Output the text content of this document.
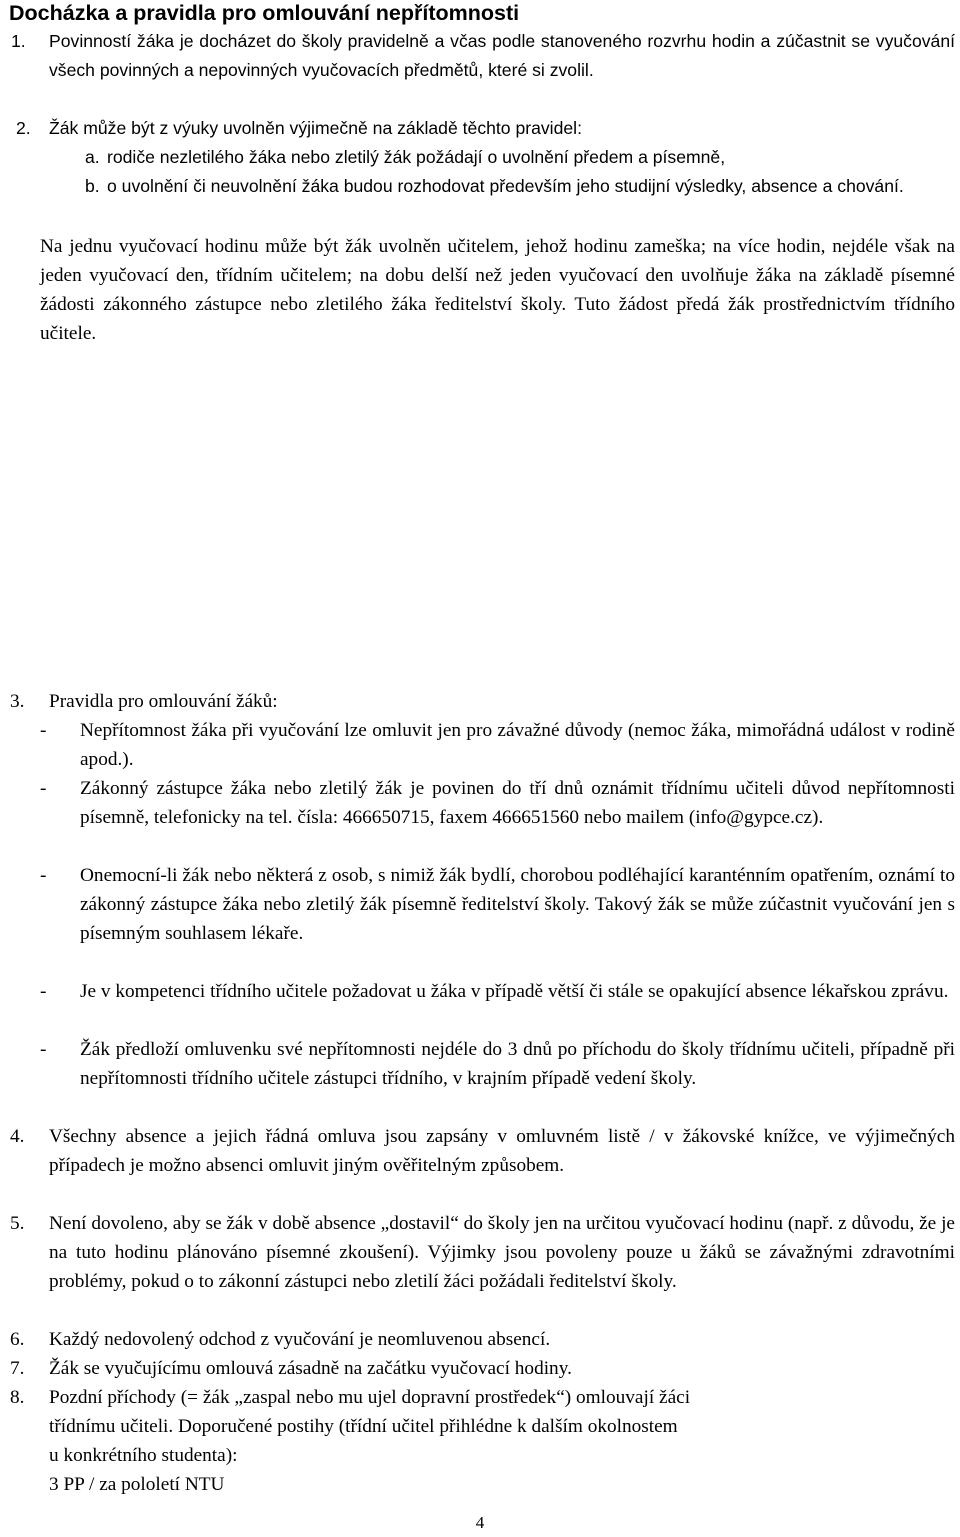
Docházka a pravidla pro omlouvání nepřítomnosti
1. Povinností žáka je docházet do školy pravidelně a včas podle stanoveného rozvrhu hodin a zúčastnit se vyučování všech povinných a nepovinných vyučovacích předmětů, které si zvolil.
2. Žák může být z výuky uvolněn výjimečně na základě těchto pravidel:
a. rodiče nezletilého žáka nebo zletilý žák požádají o uvolnění předem a písemně,
b. o uvolnění či neuvolnění žáka budou rozhodovat především jeho studijní výsledky, absence a chování.
Na jednu vyučovací hodinu může být žák uvolněn učitelem, jehož hodinu zameška; na více hodin, nejdéle však na jeden vyučovací den, třídním učitelem; na dobu delší než jeden vyučovací den uvolňuje žáka na základě písemné žádosti zákonného zástupce nebo zletilého žáka ředitelství školy. Tuto žádost předá žák prostřednictvím třídního učitele.
3. Pravidla pro omlouvání žáků:
- Nepřítomnost žáka při vyučování lze omluvit jen pro závažné důvody (nemoc žáka, mimořádná událost v rodině apod.).
- Zákonný zástupce žáka nebo zletilý žák je povinen do tří dnů oznámit třídnímu učiteli důvod nepřítomnosti písemně, telefonicky na tel. čísla: 466650715, faxem 466651560 nebo mailem (info@gypce.cz).
- Onemocní-li žák nebo některá z osob, s nimiž žák bydlí, chorobou podléhající karanténním opatřením, oznámí to zákonný zástupce žáka nebo zletilý žák písemně ředitelství školy. Takový žák se může zúčastnit vyučování jen s písemným souhlasem lékaře.
- Je v kompetenci třídního učitele požadovat u žáka v případě větší či stále se opakující absence lékařskou zprávu.
- Žák předloží omluvenku své nepřítomnosti nejdéle do 3 dnů po příchodu do školy třídnímu učiteli, případně při nepřítomnosti třídního učitele zástupci třídního, v krajním případě vedení školy.
4. Všechny absence a jejich řádná omluva jsou zapsány v omluvném listě / v žákovské knížce, ve výjimečných případech je možno absenci omluvit jiným ověřitelným způsobem.
5. Není dovoleno, aby se žák v době absence „dostavil“ do školy jen na určitou vyučovací hodinu (např. z důvodu, že je na tuto hodinu plánováno písemné zkoušení). Výjimky jsou povoleny pouze u žáků se závažnými zdravotními problémy, pokud o to zákonní zástupci nebo zletilí žáci požádali ředitelství školy.
6. Každý nedovolený odchod z vyučování je neomluvenou absencí.
7. Žák se vyučujícímu omlouvá zásadně na začátku vyučovací hodiny.
8. Pozdní příchody (= žák „zaspal nebo mu ujel dopravní prostředek“) omlouvají žáci
třídnímu učiteli. Doporučené postihy (třídní učitel přihlédne k dalším okolnostem
u konkrétního studenta):
3 PP / za pololetí NTU
4
